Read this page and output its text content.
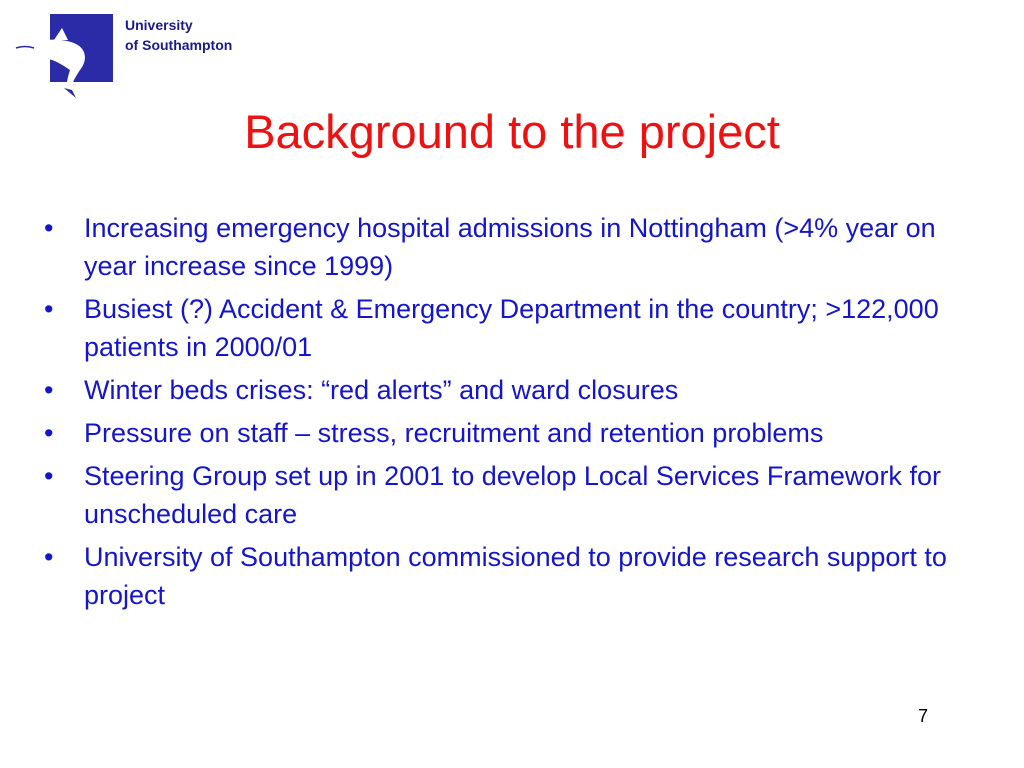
University
of Southampton
Background to the project
• Increasing emergency hospital admissions in Nottingham (>4% year on year increase since 1999)
• Busiest (?) Accident & Emergency Department in the country; >122,000 patients in 2000/01
• Winter beds crises: “red alerts” and ward closures
• Pressure on staff – stress, recruitment and retention problems
• Steering Group set up in 2001 to develop Local Services Framework for unscheduled care
• University of Southampton commissioned to provide research support to project
7
